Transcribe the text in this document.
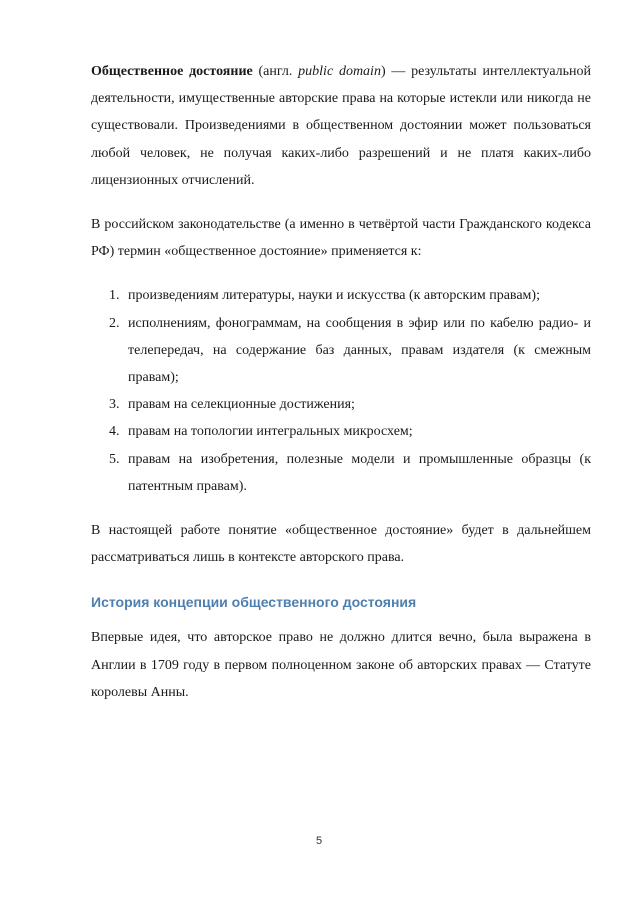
Общественное достояние (англ. public domain) — результаты интеллектуальной деятельности, имущественные авторские права на которые истекли или никогда не существовали. Произведениями в общественном достоянии может пользоваться любой человек, не получая каких-либо разрешений и не платя каких-либо лицензионных отчислений.

В российском законодательстве (а именно в четвёртой части Гражданского кодекса РФ) термин «общественное достояние» применяется к:

1. произведениям литературы, науки и искусства (к авторским правам);
2. исполнениям, фонограммам, на сообщения в эфир или по кабелю радио- и телепередач, на содержание баз данных, правам издателя (к смежным правам);
3. правам на селекционные достижения;
4. правам на топологии интегральных микросхем;
5. правам на изобретения, полезные модели и промышленные образцы (к патентным правам).

В настоящей работе понятие «общественное достояние» будет в дальнейшем рассматриваться лишь в контексте авторского права.

История концепции общественного достояния

Впервые идея, что авторское право не должно длится вечно, была выражена в Англии в 1709 году в первом полноценном законе об авторских правах — Статуте королевы Анны.

5
